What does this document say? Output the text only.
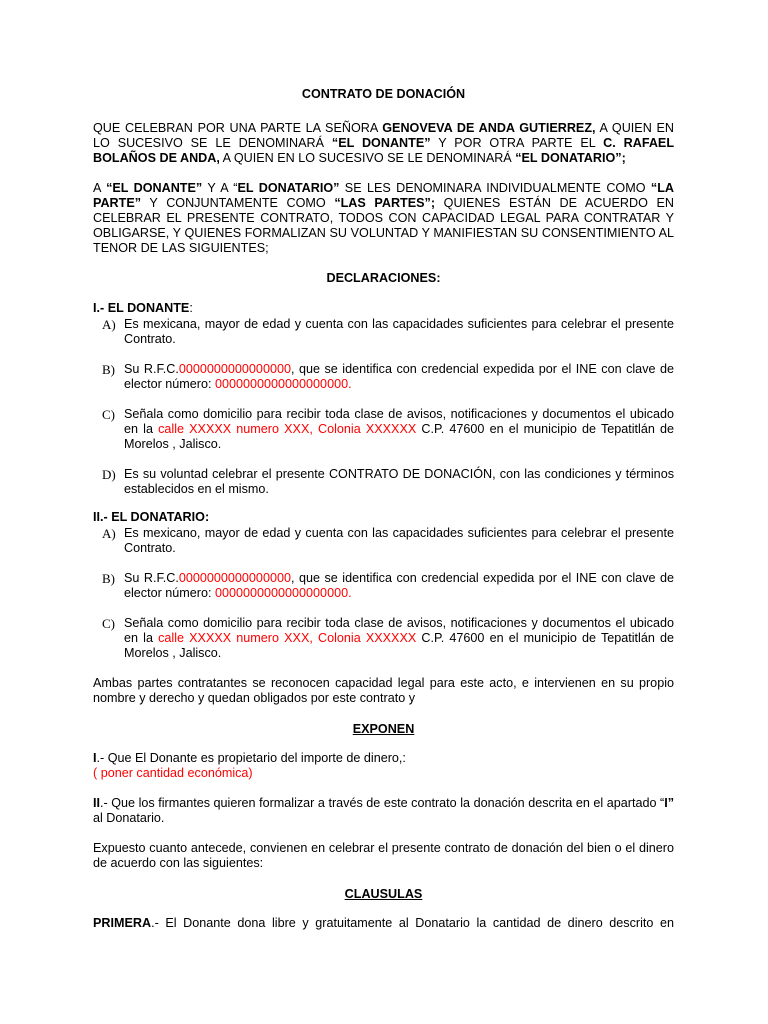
CONTRATO DE DONACIÓN

QUE CELEBRAN POR UNA PARTE LA SEÑORA GENOVEVA DE ANDA GUTIERREZ, A QUIEN EN LO SUCESIVO SE LE DENOMINARÁ “EL DONANTE” Y POR OTRA PARTE EL C. RAFAEL BOLAÑOS DE ANDA, A QUIEN EN LO SUCESIVO SE LE DENOMINARÁ “EL DONATARIO”;

A “EL DONANTE” Y A “EL DONATARIO” SE LES DENOMINARA INDIVIDUALMENTE COMO “LA PARTE” Y CONJUNTAMENTE COMO “LAS PARTES”; QUIENES ESTÁN DE ACUERDO EN CELEBRAR EL PRESENTE CONTRATO, TODOS CON CAPACIDAD LEGAL PARA CONTRATAR Y OBLIGARSE, Y QUIENES FORMALIZAN SU VOLUNTAD Y MANIFIESTAN SU CONSENTIMIENTO AL TENOR DE LAS SIGUIENTES;

DECLARACIONES:

I.- EL DONANTE:

A) Es mexicana, mayor de edad y cuenta con las capacidades suficientes para celebrar el presente Contrato.

B) Su R.F.C.0000000000000000, que se identifica con credencial expedida por el INE con clave de elector número: 0000000000000000000.

C) Señala como domicilio para recibir toda clase de avisos, notificaciones y documentos el ubicado en la calle XXXXX numero XXX, Colonia XXXXXX C.P. 47600 en el municipio de Tepatitlán de Morelos , Jalisco.

D) Es su voluntad celebrar el presente CONTRATO DE DONACIÓN, con las condiciones y términos establecidos en el mismo.

II.- EL DONATARIO:

A) Es mexicano, mayor de edad y cuenta con las capacidades suficientes para celebrar el presente Contrato.

B) Su R.F.C.0000000000000000, que se identifica con credencial expedida por el INE con clave de elector número: 0000000000000000000.

C) Señala como domicilio para recibir toda clase de avisos, notificaciones y documentos el ubicado en la calle XXXXX numero XXX, Colonia XXXXXX C.P. 47600 en el municipio de Tepatitlán de Morelos , Jalisco.

Ambas partes contratantes se reconocen capacidad legal para este acto, e intervienen en su propio nombre y derecho y quedan obligados por este contrato y

EXPONEN

I.- Que El Donante es propietario del importe de dinero,:

( poner cantidad económica)

II.- Que los firmantes quieren formalizar a través de este contrato la donación descrita en el apartado “I” al Donatario.

Expuesto cuanto antecede, convienen en celebrar el presente contrato de donación del bien o el dinero de acuerdo con las siguientes:

CLAUSULAS

PRIMERA.- El Donante dona libre y gratuitamente al Donatario la cantidad de dinero descrito en
